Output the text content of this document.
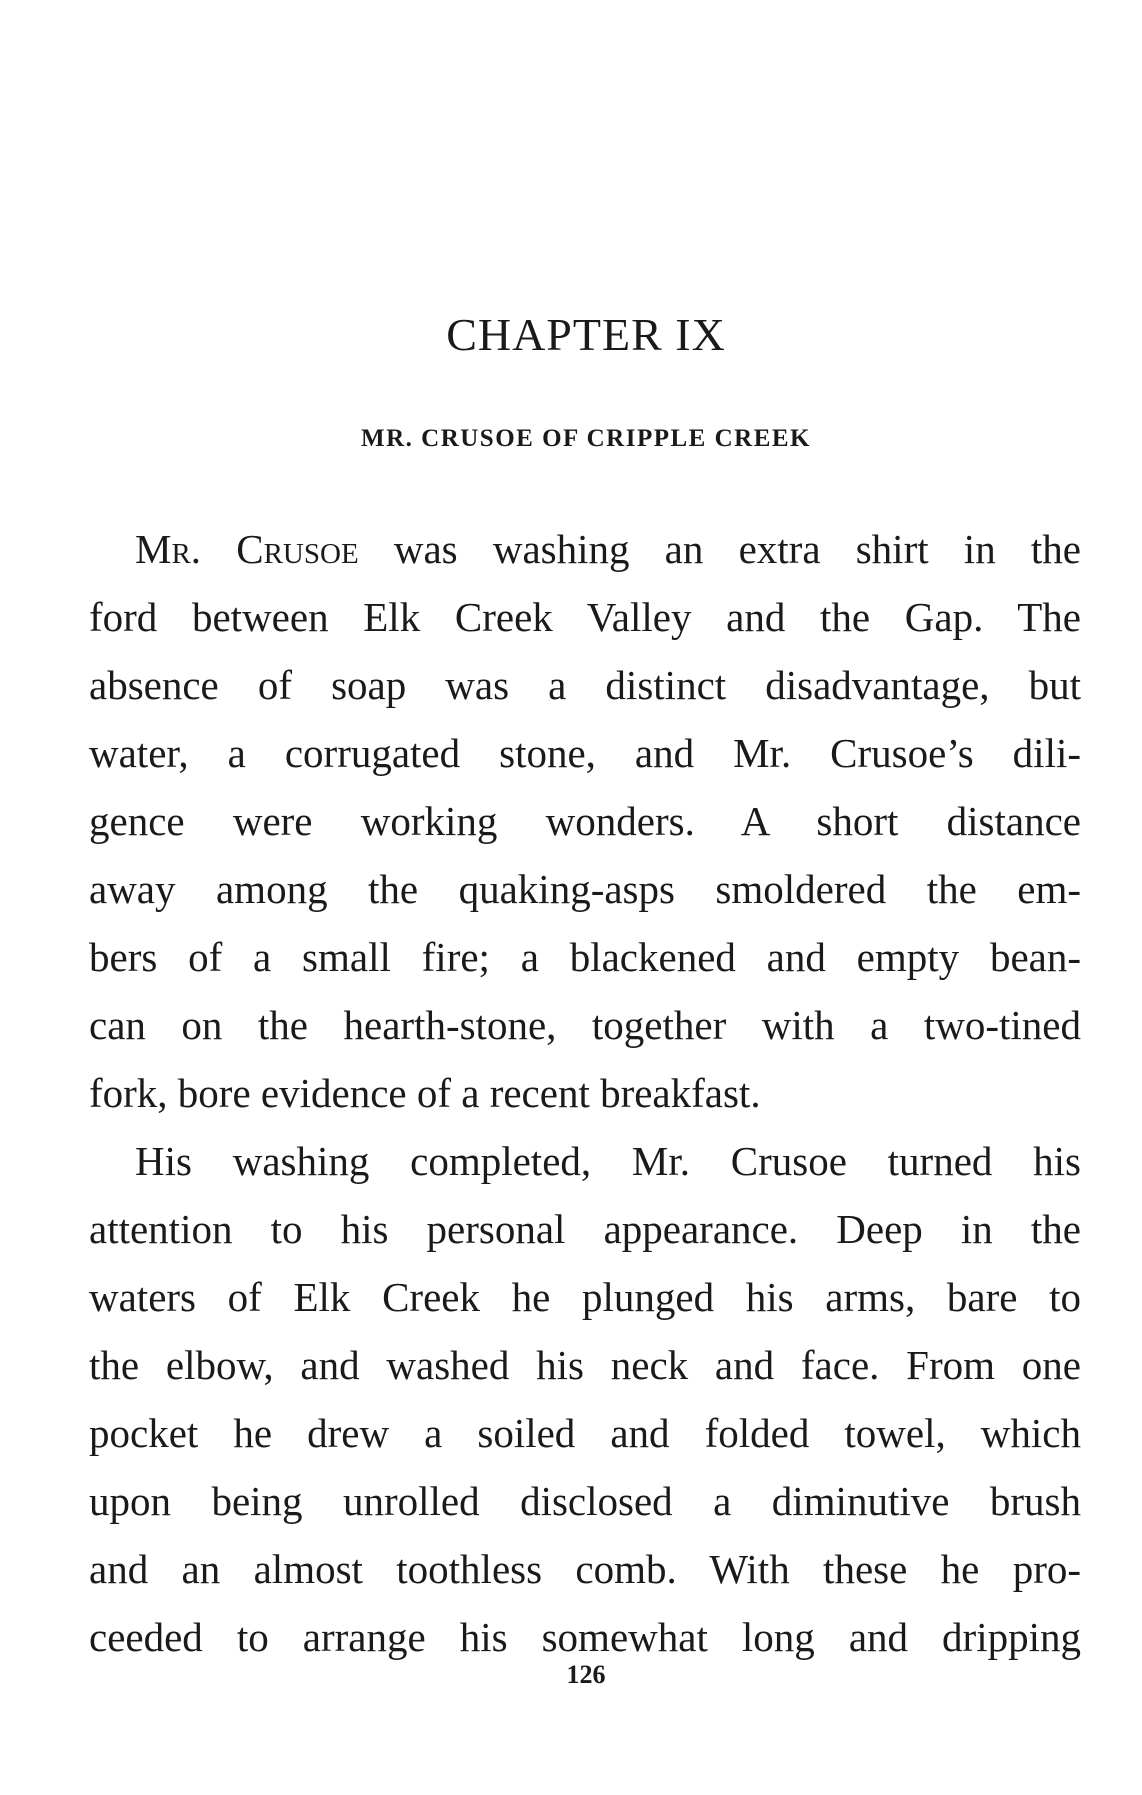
CHAPTER IX
MR. CRUSOE OF CRIPPLE CREEK
Mr. Crusoe was washing an extra shirt in the
ford between Elk Creek Valley and the Gap. The
absence of soap was a distinct disadvantage, but
water, a corrugated stone, and Mr. Crusoe’s dili-
gence were working wonders. A short distance
away among the quaking-asps smoldered the em-
bers of a small fire; a blackened and empty bean-
can on the hearth-stone, together with a two-tined
fork, bore evidence of a recent breakfast.
His washing completed, Mr. Crusoe turned his
attention to his personal appearance. Deep in the
waters of Elk Creek he plunged his arms, bare to
the elbow, and washed his neck and face. From one
pocket he drew a soiled and folded towel, which
upon being unrolled disclosed a diminutive brush
and an almost toothless comb. With these he pro-
ceeded to arrange his somewhat long and dripping
126
